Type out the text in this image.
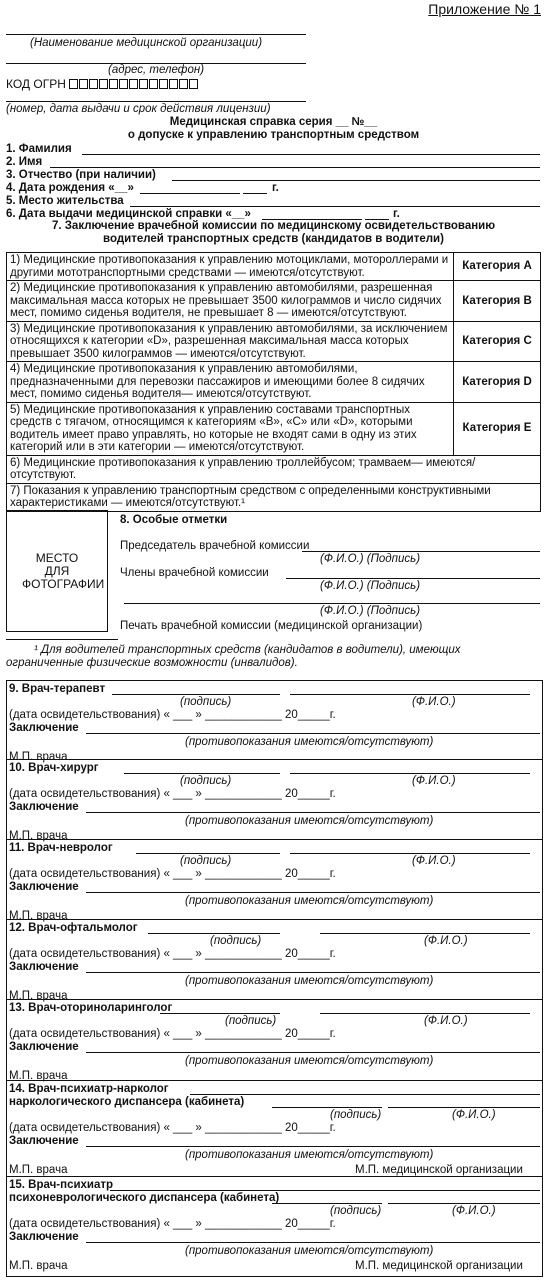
Приложение № 1
(Наименование медицинской организации)
(адрес, телефон)
КОД ОГРН
(номер, дата выдачи и срок действия лицензии)
Медицинская справка серия __ №__
о допуске к управлению транспортным средством
1. Фамилия
2. Имя
3. Отчество (при наличии)
4. Дата рождения «__»	г.
5. Место жительства
6. Дата выдачи медицинской справки «__»	г.
7. Заключение врачебной комиссии по медицинскому освидетельствованию
водителей транспортных средств (кандидатов в водители)
1) Медицинские противопоказания к управлению мотоциклами, мотороллерами и другими мототранспортными средствами — имеются/отсутствуют.	Категория A
2) Медицинские противопоказания к управлению автомобилями, разрешенная максимальная масса которых не превышает 3500 килограммов и число сидячих мест, помимо сиденья водителя, не превышает 8 — имеются/отсутствуют.	Категория B
3) Медицинские противопоказания к управлению автомобилями, за исключением относящихся к категории «D», разрешенная максимальная масса которых превышает 3500 килограммов — имеются/отсутствуют.	Категория C
4) Медицинские противопоказания к управлению автомобилями, предназначенными для перевозки пассажиров и имеющими более 8 сидячих мест, помимо сиденья водителя— имеются/отсутствуют.	Категория D
5) Медицинские противопоказания к управлению составами транспортных средств с тягачом, относящимся к категориям «B», «C» или «D», которыми водитель имеет право управлять, но которые не входят сами в одну из этих категорий или в эти категории — имеются/отсутствуют.	Категория E
6) Медицинские противопоказания к управлению троллейбусом; трамваем— имеются/отсутствуют.	
7) Показания к управлению транспортным средством с определенными конструктивными характеристиками — имеются/отсутствуют.¹	
МЕСТО ДЛЯ ФОТОГРАФИИ
8. Особые отметки
Председатель врачебной комиссии
(Ф.И.О.) (Подпись)
Члены врачебной комиссии
(Ф.И.О.) (Подпись)
(Ф.И.О.) (Подпись)
Печать врачебной комиссии (медицинской организации)
¹ Для водителей транспортных средств (кандидатов в водители), имеющих ограниченные физические возможности (инвалидов).
9. Врач-терапевт
(подпись)	(Ф.И.О.)
(дата освидетельствования) « ___ » ____________ 20_____г.
Заключение
(противопоказания имеются/отсутствуют)
М.П. врача
10. Врач-хирург
(подпись)	(Ф.И.О.)
(дата освидетельствования) « ___ » ____________ 20_____г.
Заключение
(противопоказания имеются/отсутствуют)
М.П. врача
11. Врач-невролог
(подпись)	(Ф.И.О.)
(дата освидетельствования) « ___ » ____________ 20_____г.
Заключение
(противопоказания имеются/отсутствуют)
М.П. врача
12. Врач-офтальмолог
(подпись)	(Ф.И.О.)
(дата освидетельствования) « ___ » ____________ 20_____г.
Заключение
(противопоказания имеются/отсутствуют)
М.П. врача
13. Врач-оториноларинголог
(подпись)	(Ф.И.О.)
(дата освидетельствования) « ___ » ____________ 20_____г.
Заключение
(противопоказания имеются/отсутствуют)
М.П. врача
14. Врач-психиатр-нарколог
наркологического диспансера (кабинета)
(подпись)	(Ф.И.О.)
(дата освидетельствования) « ___ » ____________ 20_____г.
Заключение
(противопоказания имеются/отсутствуют)
М.П. врача	М.П. медицинской организации
15. Врач-психиатр
психоневрологического диспансера (кабинета)
(подпись)	(Ф.И.О.)
(дата освидетельствования) « ___ » ____________ 20_____г.
Заключение
(противопоказания имеются/отсутствуют)
М.П. врача	М.П. медицинской организации
